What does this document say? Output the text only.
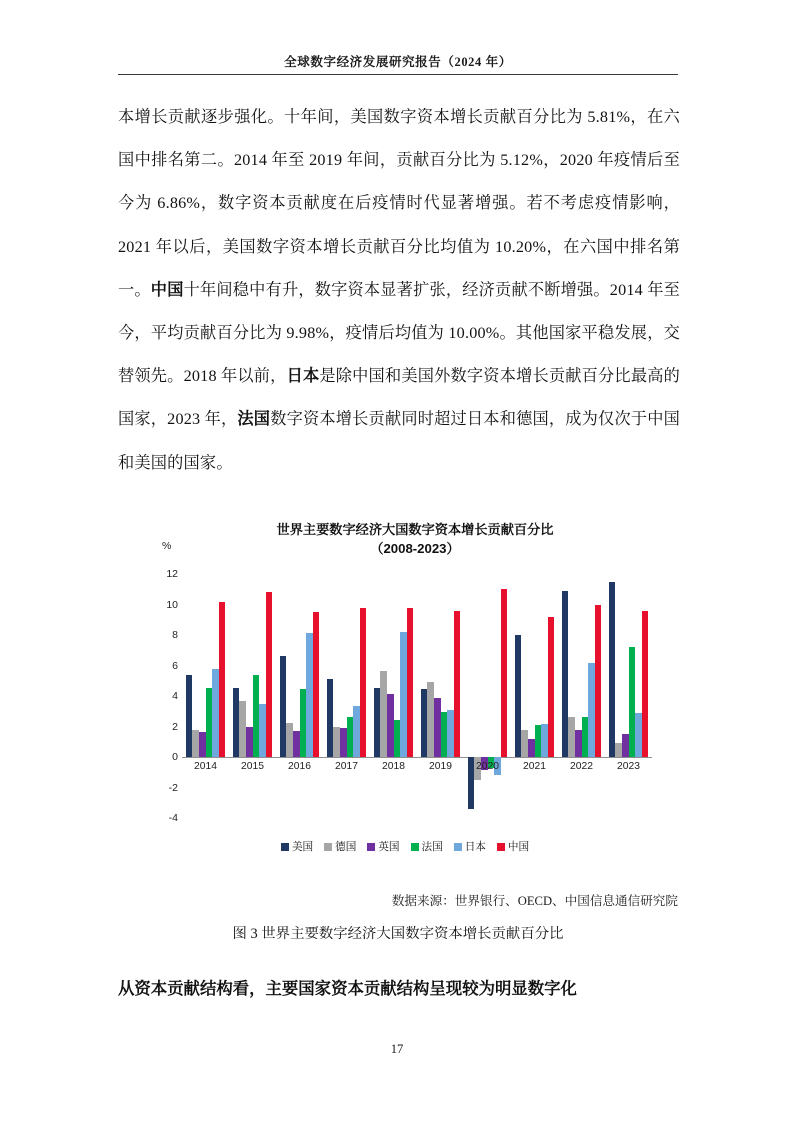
全球数字经济发展研究报告（2024 年）
本增长贡献逐步强化。十年间，美国数字资本增长贡献百分比为 5.81%，在六国中排名第二。2014 年至 2019 年间，贡献百分比为 5.12%，2020 年疫情后至今为 6.86%，数字资本贡献度在后疫情时代显著增强。若不考虑疫情影响，2021 年以后，美国数字资本增长贡献百分比均值为 10.20%，在六国中排名第一。中国十年间稳中有升，数字资本显著扩张，经济贡献不断增强。2014 年至今，平均贡献百分比为 9.98%，疫情后均值为 10.00%。其他国家平稳发展，交替领先。2018 年以前，日本是除中国和美国外数字资本增长贡献百分比最高的国家，2023 年，法国数字资本增长贡献同时超过日本和德国，成为仅次于中国和美国的国家。
%
世界主要数字经济大国数字资本增长贡献百分比
（2008-2023）
12
10
8
6
4
2
0
-2
-4
2014	2015	2016	2017	2018	2019	2020	2021	2022	2023
美国 德国 英国 法国 日本 中国
数据来源：世界银行、OECD、中国信息通信研究院
图 3 世界主要数字经济大国数字资本增长贡献百分比
从资本贡献结构看，主要国家资本贡献结构呈现较为明显数字化
17
